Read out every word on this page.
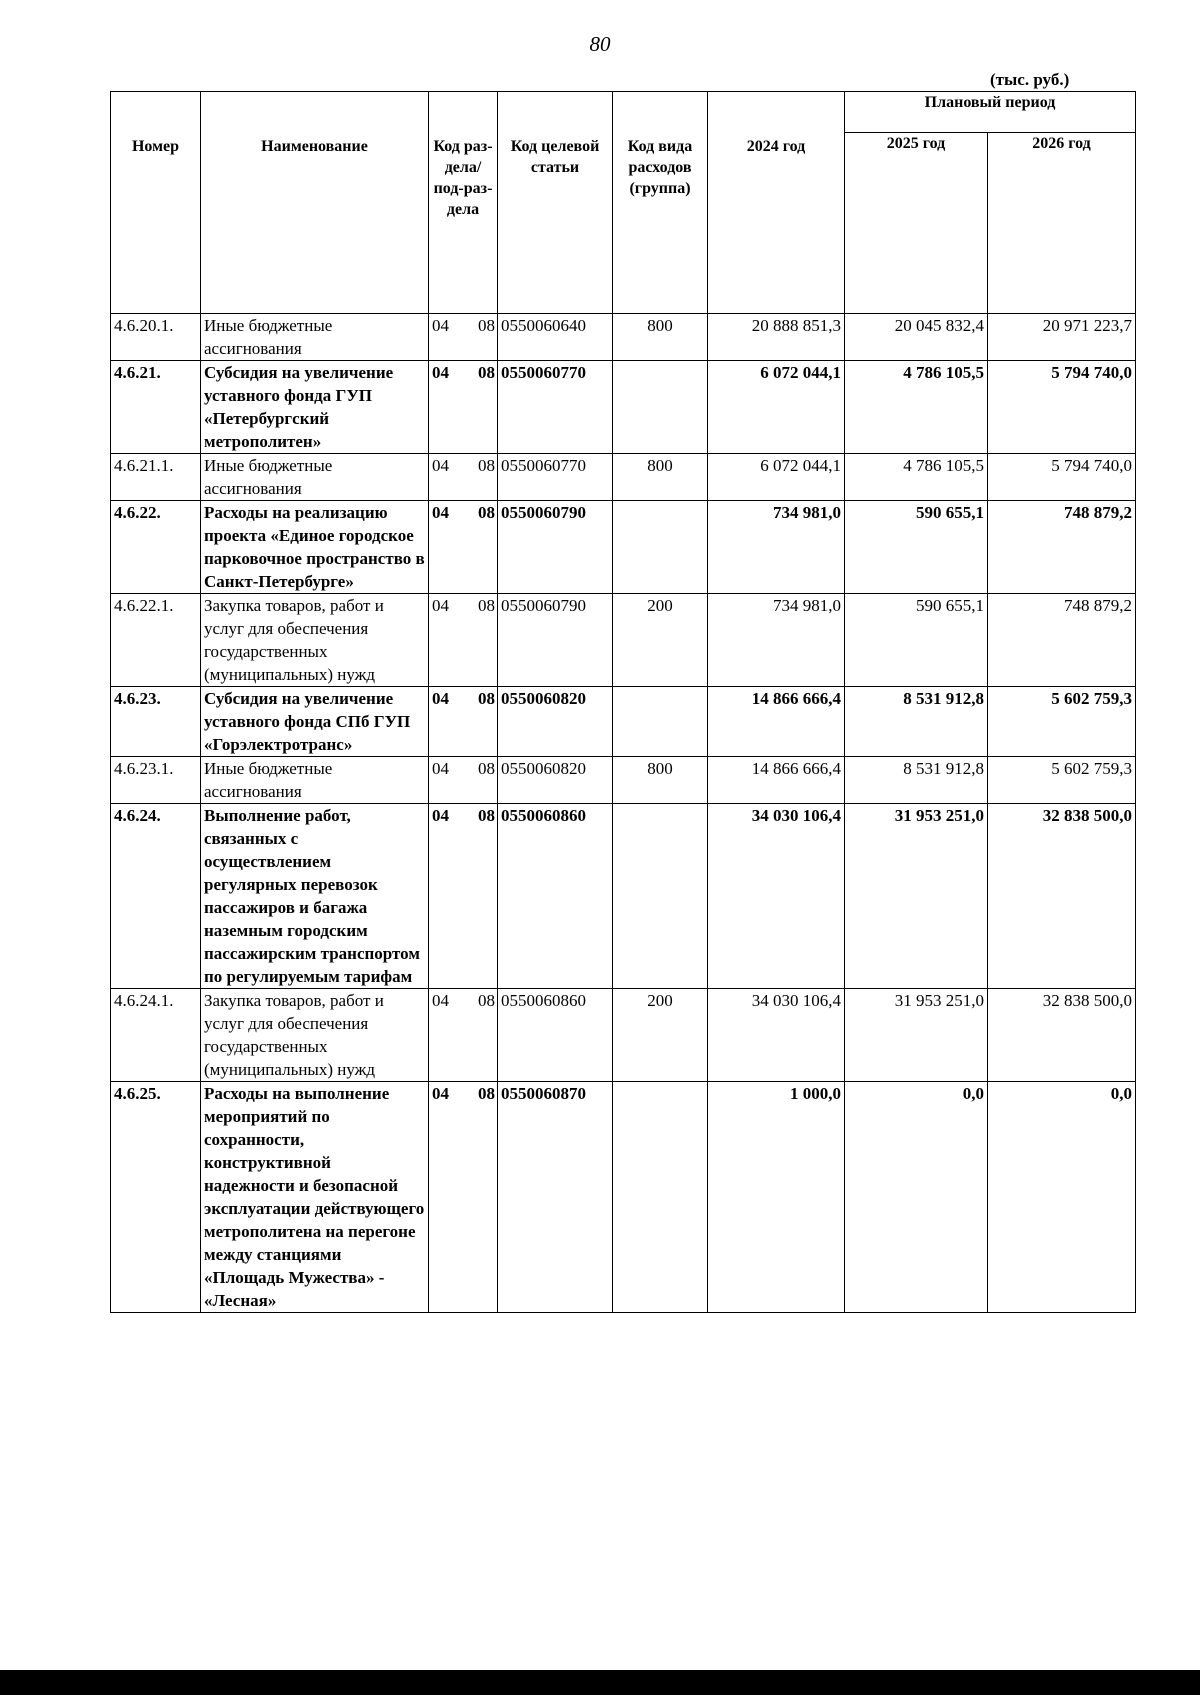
80
(тыс. руб.)
Номер	Наименование	Код раз-дела/ под-раз-дела	Код целевой статьи	Код вида расходов (группа)	2024 год	Плановый период	
						2025 год	2026 год
4.6.20.1.	Иные бюджетные ассигнования	04 08	0550060640	800	20 888 851,3	20 045 832,4	20 971 223,7
4.6.21.	Субсидия на увеличение уставного фонда ГУП «Петербургский метрополитен»	04 08	0550060770		6 072 044,1	4 786 105,5	5 794 740,0
4.6.21.1.	Иные бюджетные ассигнования	04 08	0550060770	800	6 072 044,1	4 786 105,5	5 794 740,0
4.6.22.	Расходы на реализацию проекта «Единое городское парковочное пространство в Санкт-Петербурге»	04 08	0550060790		734 981,0	590 655,1	748 879,2
4.6.22.1.	Закупка товаров, работ и услуг для обеспечения государственных (муниципальных) нужд	04 08	0550060790	200	734 981,0	590 655,1	748 879,2
4.6.23.	Субсидия на увеличение уставного фонда СПб ГУП «Горэлектротранс»	04 08	0550060820		14 866 666,4	8 531 912,8	5 602 759,3
4.6.23.1.	Иные бюджетные ассигнования	04 08	0550060820	800	14 866 666,4	8 531 912,8	5 602 759,3
4.6.24.	Выполнение работ, связанных с осуществлением регулярных перевозок пассажиров и багажа наземным городским пассажирским транспортом по регулируемым тарифам	04 08	0550060860		34 030 106,4	31 953 251,0	32 838 500,0
4.6.24.1.	Закупка товаров, работ и услуг для обеспечения государственных (муниципальных) нужд	04 08	0550060860	200	34 030 106,4	31 953 251,0	32 838 500,0
4.6.25.	Расходы на выполнение мероприятий по сохранности, конструктивной надежности и безопасной эксплуатации действующего метрополитена на перегоне между станциями «Площадь Мужества» - «Лесная»	04 08	0550060870		1 000,0	0,0	0,0
